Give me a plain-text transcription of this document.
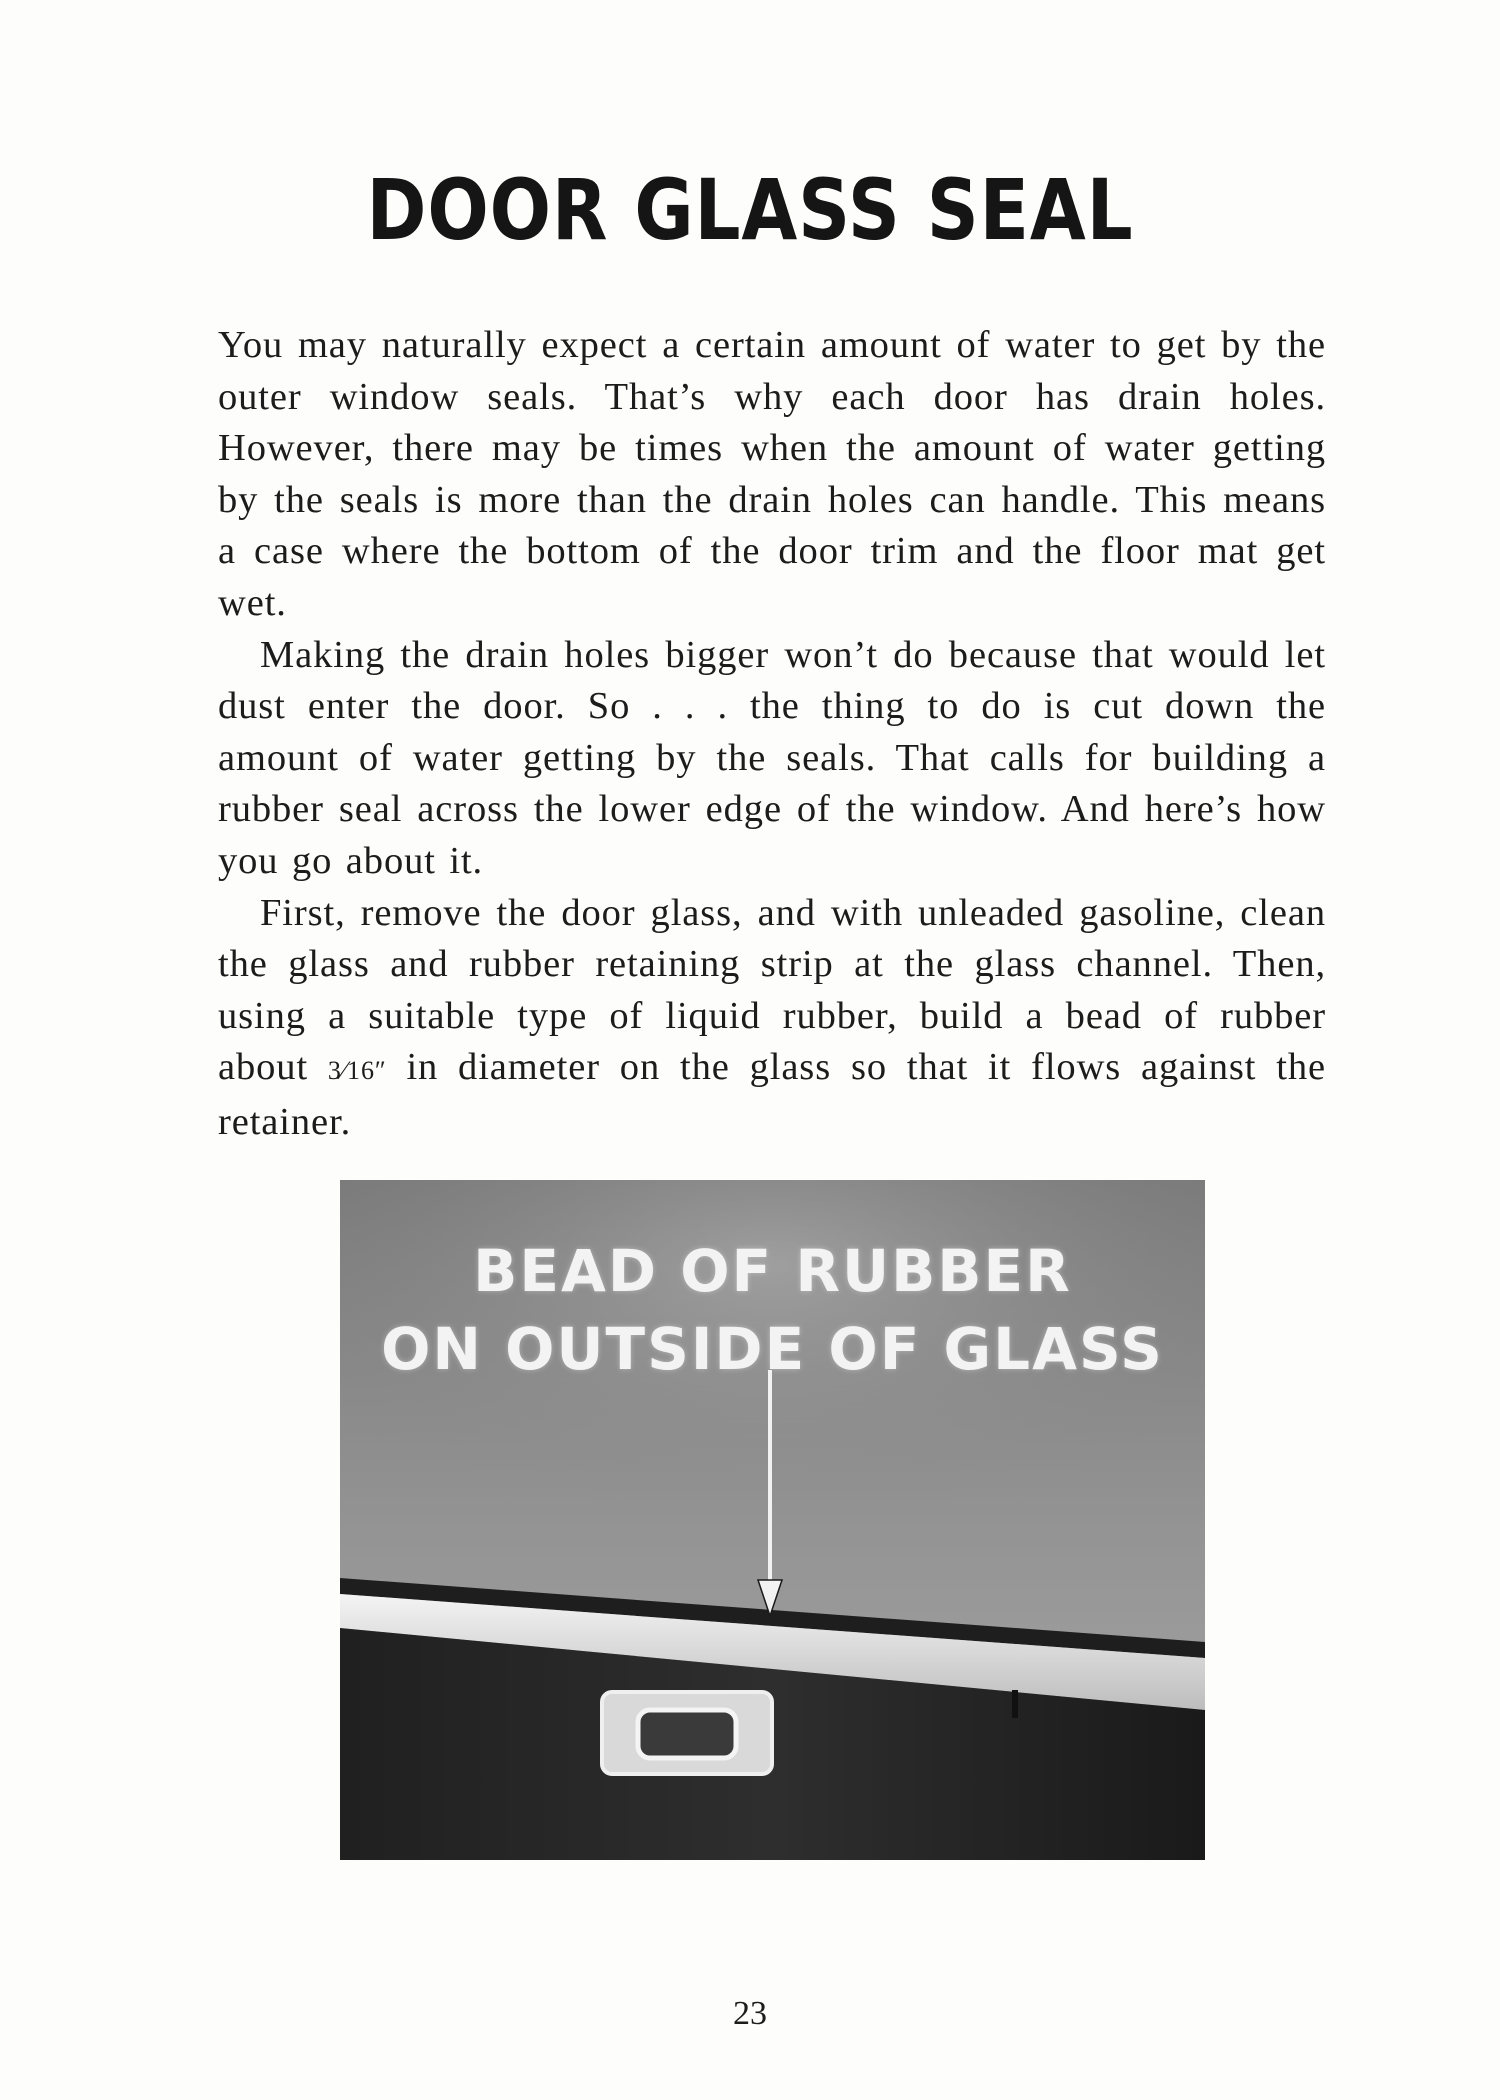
DOOR GLASS SEAL

You may naturally expect a certain amount of water to get by the outer window seals. That’s why each door has drain holes. However, there may be times when the amount of water getting by the seals is more than the drain holes can handle. This means a case where the bottom of the door trim and the floor mat get wet.

Making the drain holes bigger won’t do because that would let dust enter the door. So . . . the thing to do is cut down the amount of water getting by the seals. That calls for building a rubber seal across the lower edge of the window. And here’s how you go about it.

First, remove the door glass, and with unleaded gasoline, clean the glass and rubber retaining strip at the glass channel. Then, using a suitable type of liquid rubber, build a bead of rubber about 3⁄16″ in diameter on the glass so that it flows against the retainer.

BEAD OF RUBBER
ON OUTSIDE OF GLASS
23
